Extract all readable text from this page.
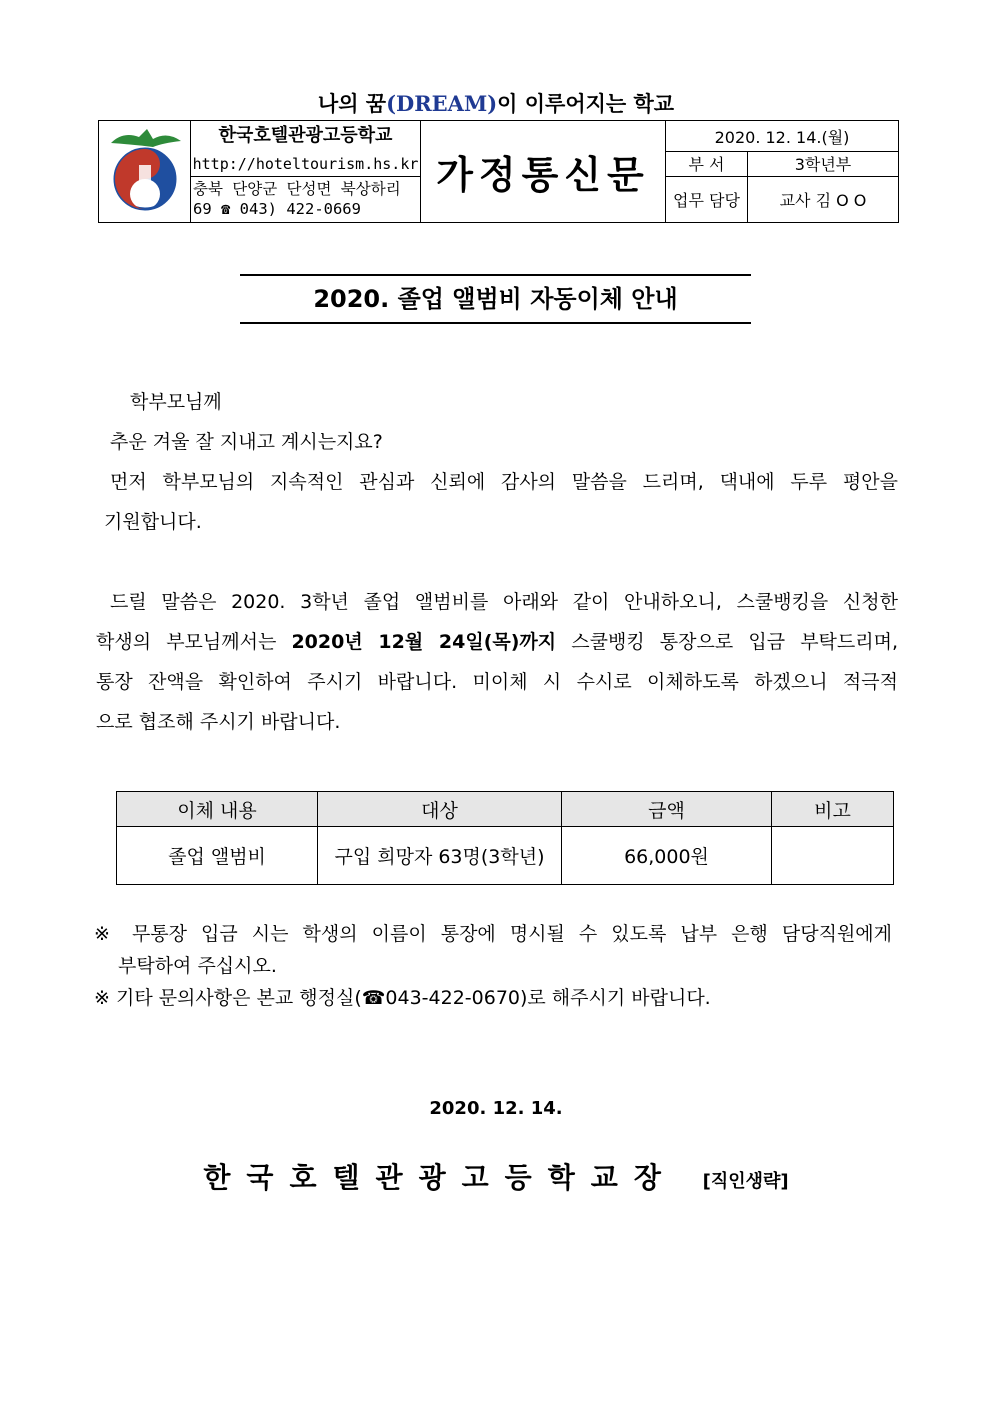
나의 꿈(DREAM)이 이루어지는 학교

한국호텔관광고등학교	가정통신문	2020. 12. 14.(월)	

	http://hoteltourism.hs.kr		부 서	3학년부

	충북 단양군 단성면 북상하리
69 ☎ 043) 422-0669		업무 담당	교사 김 O O
2020. 졸업 앨범비 자동이체 안내
학부모님께
추운 겨울 잘 지내고 계시는지요?
먼저 학부모님의 지속적인 관심과 신뢰에 감사의 말씀을 드리며, 댁내에 두루 평안을
기원합니다.
드릴 말씀은 2020. 3학년 졸업 앨범비를 아래와 같이 안내하오니, 스쿨뱅킹을 신청한
학생의 부모님께서는 2020년 12월 24일(목)까지 스쿨뱅킹 통장으로 입금 부탁드리며,
통장 잔액을 확인하여 주시기 바랍니다. 미이체 시 수시로 이체하도록 하겠으니 적극적
으로 협조해 주시기 바랍니다.
이체 내용	대상	금액	비고
졸업 앨범비	구입 희망자 63명(3학년)	66,000원	
※ 무통장 입금 시는 학생의 이름이 통장에 명시될 수 있도록 납부 은행 담당직원에게
부탁하여 주십시오.
※ 기타 문의사항은 본교 행정실(☎043-422-0670)로 해주시기 바랍니다.
2020. 12. 14.
한국호텔관광고등학교장 [직인생략]
